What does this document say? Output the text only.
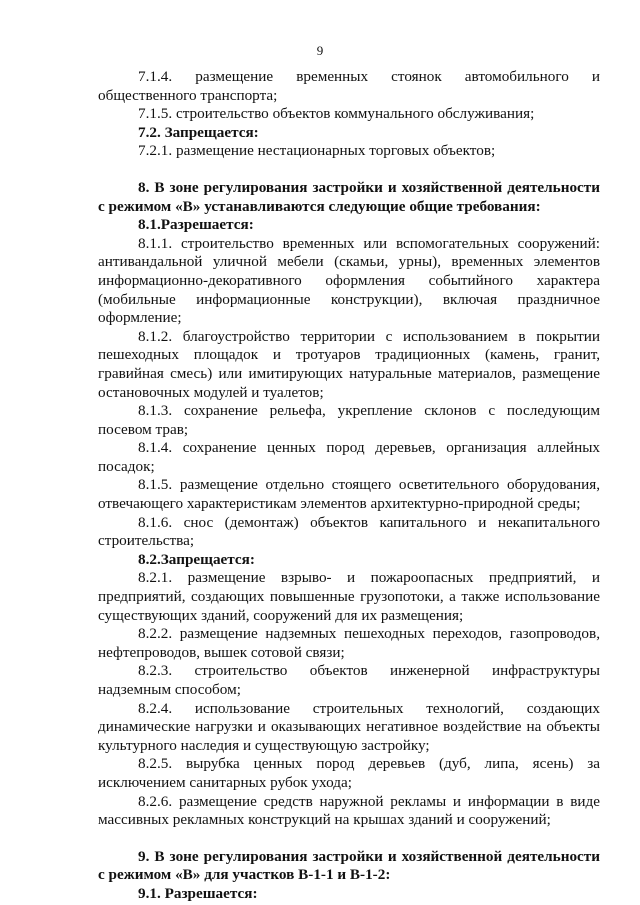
9

7.1.4. размещение временных стоянок автомобильного и общественного транспорта;

7.1.5. строительство объектов коммунального обслуживания;

7.2. Запрещается:

7.2.1. размещение нестационарных торговых объектов;

8. В зоне регулирования застройки и хозяйственной деятельности с режимом «В» устанавливаются следующие общие требования:

8.1.Разрешается:

8.1.1. строительство временных или вспомогательных сооружений: антивандальной уличной мебели (скамьи, урны), временных элементов информационно-декоративного оформления событийного характера (мобильные информационные конструкции), включая праздничное оформление;

8.1.2. благоустройство территории с использованием в покрытии пешеходных площадок и тротуаров традиционных (камень, гранит, гравийная смесь) или имитирующих натуральные материалов, размещение остановочных модулей и туалетов;

8.1.3. сохранение рельефа, укрепление склонов с последующим посевом трав;

8.1.4. сохранение ценных пород деревьев, организация аллейных посадок;

8.1.5. размещение отдельно стоящего осветительного оборудования, отвечающего характеристикам элементов архитектурно-природной среды;

8.1.6. снос (демонтаж) объектов капитального и некапитального строительства;

8.2.Запрещается:

8.2.1. размещение взрыво- и пожароопасных предприятий, и предприятий, создающих повышенные грузопотоки, а также использование существующих зданий, сооружений для их размещения;

8.2.2. размещение надземных пешеходных переходов, газопроводов, нефтепроводов, вышек сотовой связи;

8.2.3. строительство объектов инженерной инфраструктуры надземным способом;

8.2.4. использование строительных технологий, создающих динамические нагрузки и оказывающих негативное воздействие на объекты культурного наследия и существующую застройку;

8.2.5. вырубка ценных пород деревьев (дуб, липа, ясень) за исключением санитарных рубок ухода;

8.2.6. размещение средств наружной рекламы и информации в виде массивных рекламных конструкций на крышах зданий и сооружений;

9. В зоне регулирования застройки и хозяйственной деятельности с режимом «В» для участков В-1-1 и В-1-2:

9.1. Разрешается:
